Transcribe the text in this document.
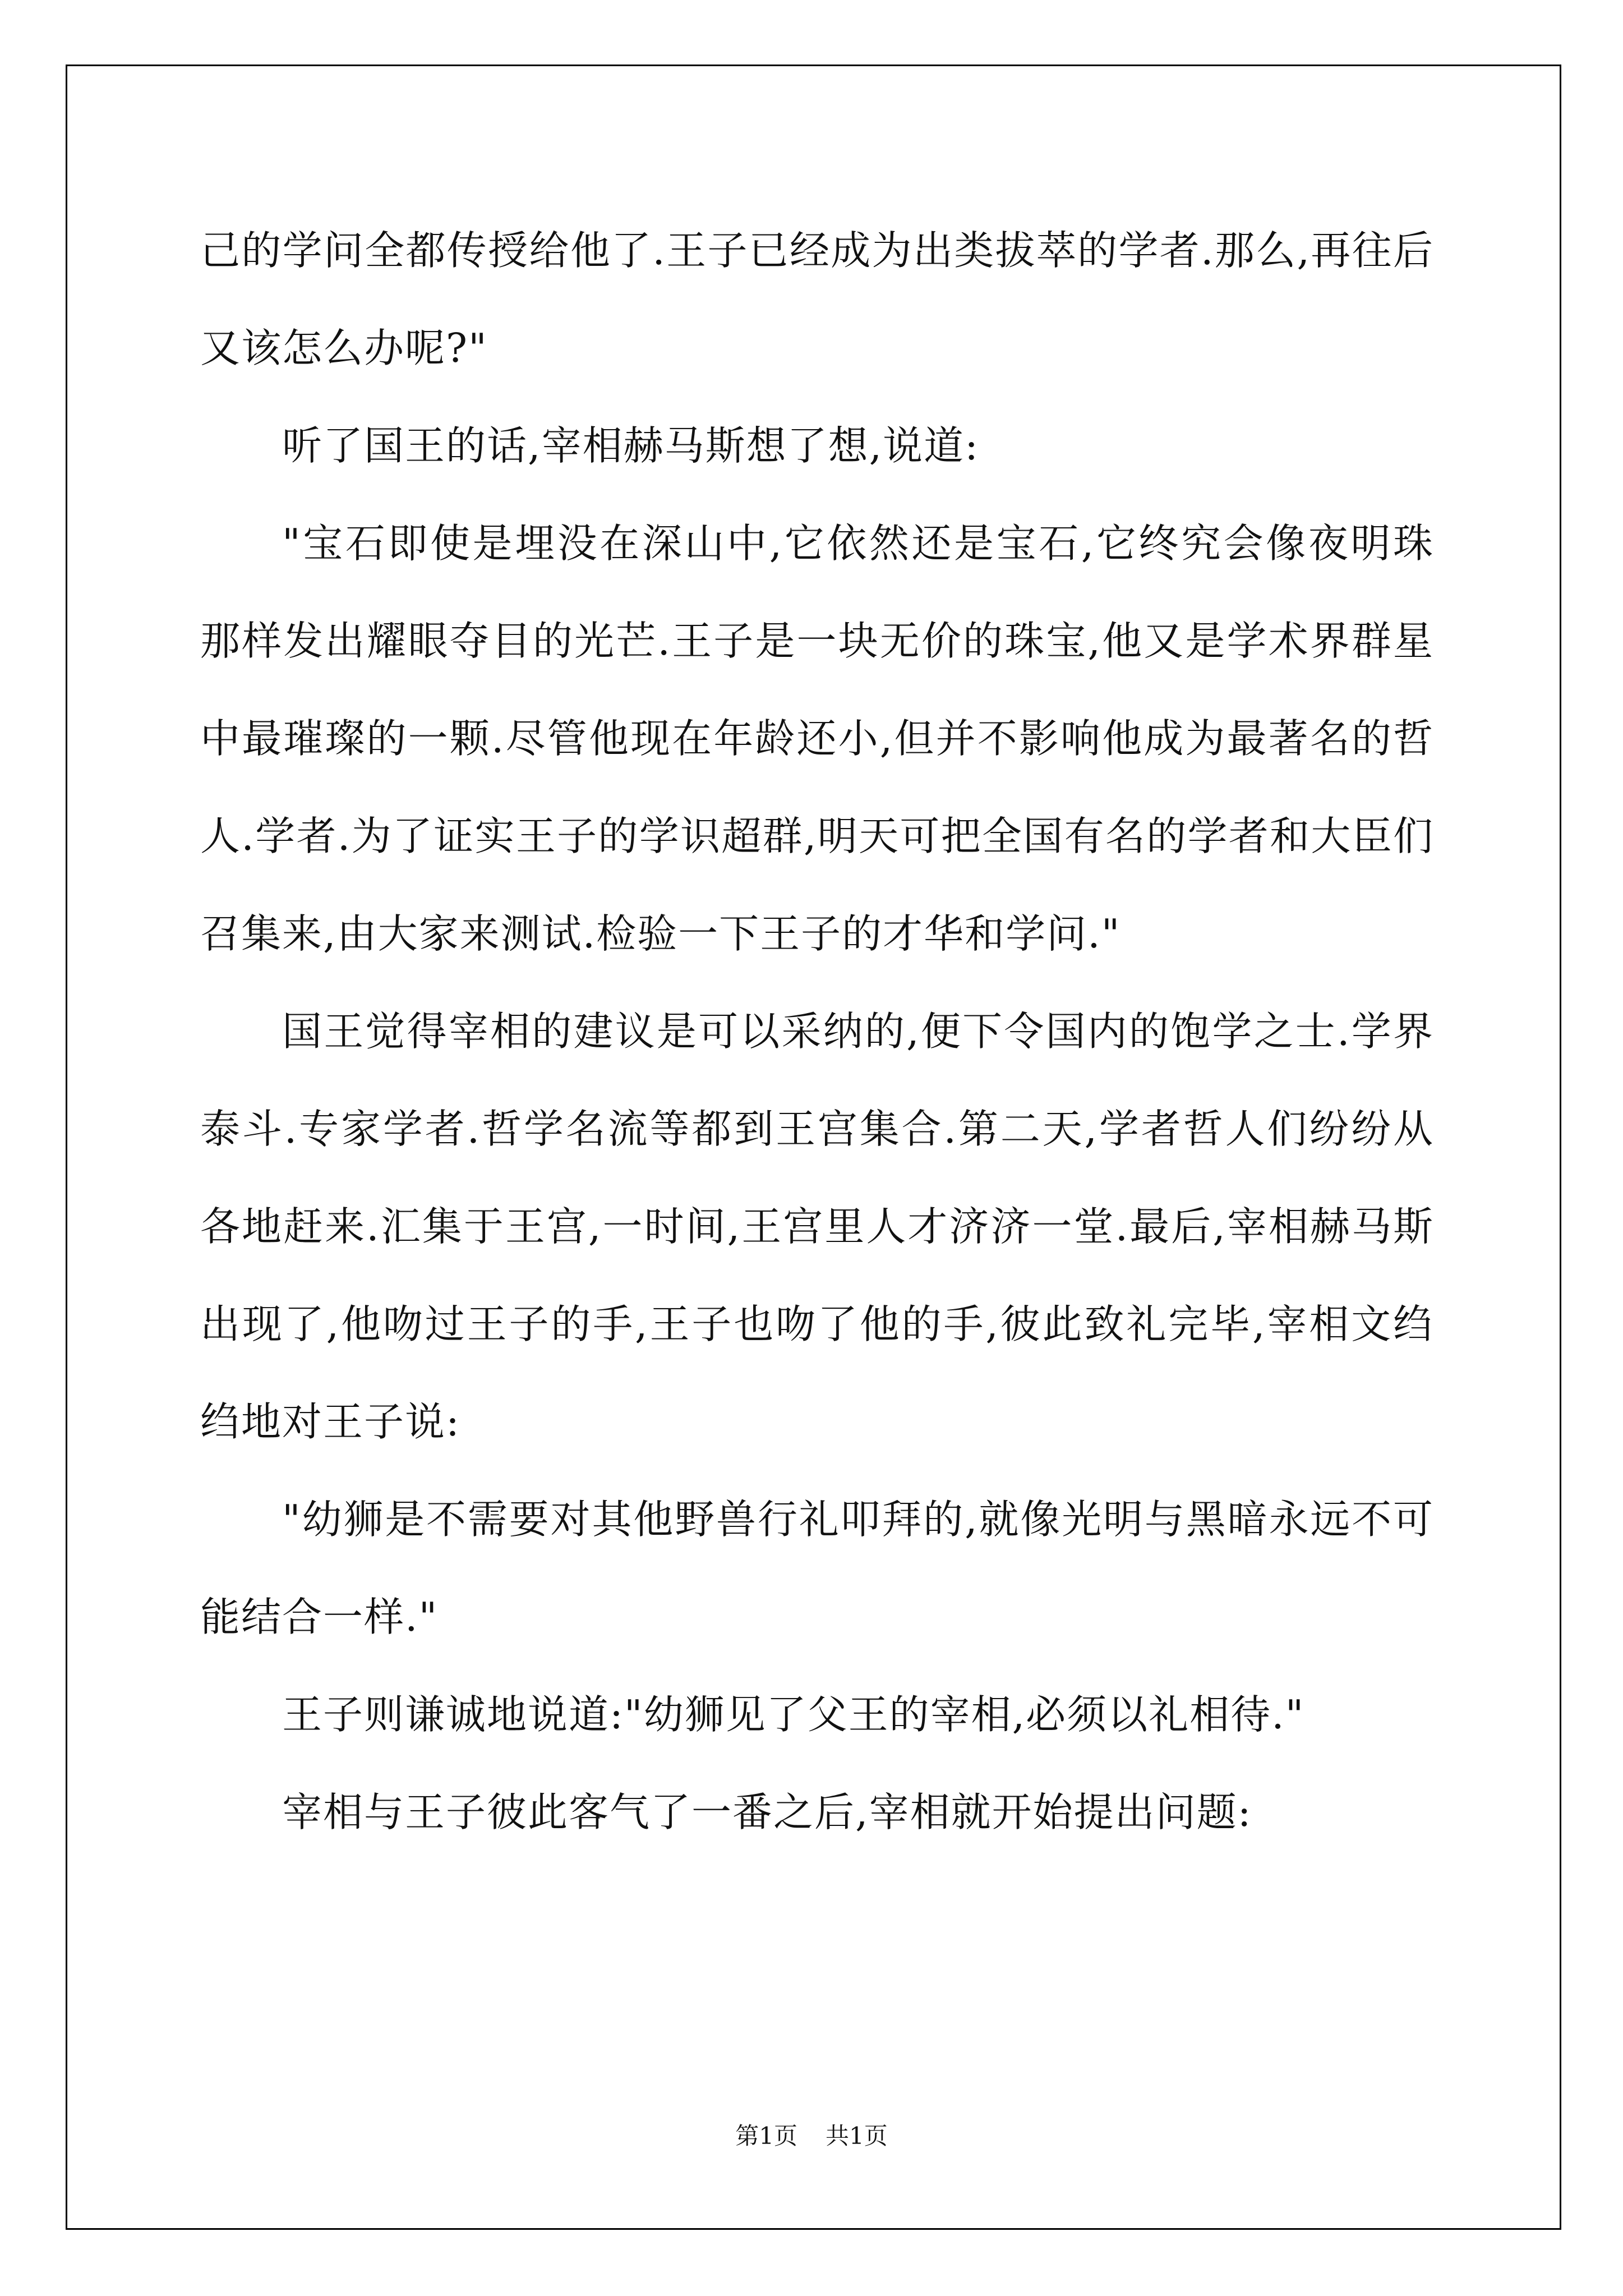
己的学问全都传授给他了.王子已经成为出类拔萃的学者.那么,再往后又该怎么办呢?"

听了国王的话,宰相赫马斯想了想,说道:

"宝石即使是埋没在深山中,它依然还是宝石,它终究会像夜明珠那样发出耀眼夺目的光芒.王子是一块无价的珠宝,他又是学术界群星中最璀璨的一颗.尽管他现在年龄还小,但并不影响他成为最著名的哲人.学者.为了证实王子的学识超群,明天可把全国有名的学者和大臣们召集来,由大家来测试.检验一下王子的才华和学问."

国王觉得宰相的建议是可以采纳的,便下令国内的饱学之士.学界泰斗.专家学者.哲学名流等都到王宫集合.第二天,学者哲人们纷纷从各地赶来.汇集于王宫,一时间,王宫里人才济济一堂.最后,宰相赫马斯出现了,他吻过王子的手,王子也吻了他的手,彼此致礼完毕,宰相文绉绉地对王子说:

"幼狮是不需要对其他野兽行礼叩拜的,就像光明与黑暗永远不可能结合一样."

王子则谦诚地说道:"幼狮见了父王的宰相,必须以礼相待."

宰相与王子彼此客气了一番之后,宰相就开始提出问题:

第1页 共1页
